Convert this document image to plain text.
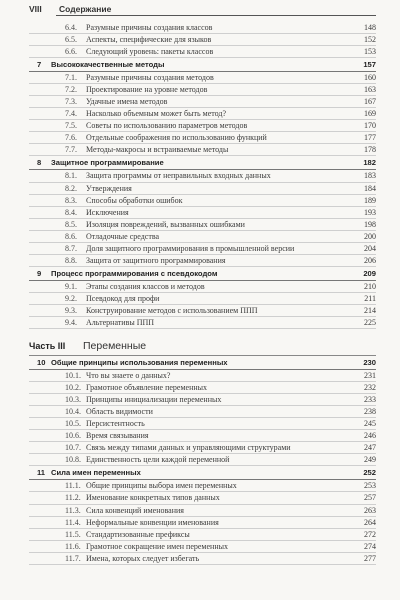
VIII Содержание
6.4. Разумные причины создания классов	148
6.5. Аспекты, специфические для языков	152
6.6. Следующий уровень: пакеты классов	153
7 Высококачественные методы	157
7.1. Разумные причины создания методов	160
7.2. Проектирование на уровне методов	163
7.3. Удачные имена методов	167
7.4. Насколько объемным может быть метод?	169
7.5. Советы по использованию параметров методов	170
7.6. Отдельные соображения по использованию функций	177
7.7. Методы-макросы и встраиваемые методы	178
8 Защитное программирование	182
8.1. Защита программы от неправильных входных данных	183
8.2. Утверждения	184
8.3. Способы обработки ошибок	189
8.4. Исключения	193
8.5. Изоляция повреждений, вызванных ошибками	198
8.6. Отладочные средства	200
8.7. Доля защитного программирования в промышленной версии	204
8.8. Защита от защитного программирования	206
9 Процесс программирования с псевдокодом	209
9.1. Этапы создания классов и методов	210
9.2. Псевдокод для профи	211
9.3. Конструирование методов с использованием ППП	214
9.4. Альтернативы ППП	225
Часть III Переменные
10 Общие принципы использования переменных	230
10.1. Что вы знаете о данных?	231
10.2. Грамотное объявление переменных	232
10.3. Принципы инициализации переменных	233
10.4. Область видимости	238
10.5. Персистентность	245
10.6. Время связывания	246
10.7. Связь между типами данных и управляющими структурами	247
10.8. Единственность цели каждой переменной	249
11 Сила имен переменных	252
11.1. Общие принципы выбора имен переменных	253
11.2. Именование конкретных типов данных	257
11.3. Сила конвенций именования	263
11.4. Неформальные конвенции именования	264
11.5. Стандартизованные префиксы	272
11.6. Грамотное сокращение имен переменных	274
11.7. Имена, которых следует избегать	277
